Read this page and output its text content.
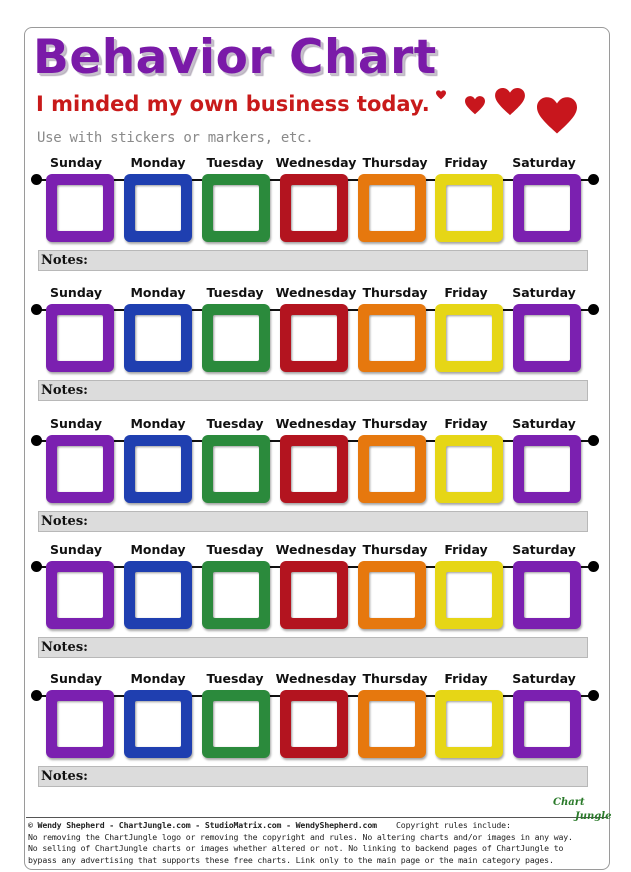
Behavior Chart
I minded my own business today.
Use with stickers or markers, etc.
Sunday	Monday	Tuesday Wednesday Thursday	Friday	Saturday
Notes:
Sunday	Monday	Tuesday Wednesday Thursday	Friday	Saturday
Notes:
Sunday	Monday	Tuesday Wednesday Thursday	Friday	Saturday
Notes:
Sunday	Monday	Tuesday Wednesday Thursday	Friday	Saturday
Notes:
Sunday	Monday	Tuesday Wednesday Thursday	Friday	Saturday
Notes:
Chart
Jungle
© Wendy Shepherd - ChartJungle.com - StudioMatrix.com - WendyShepherd.com Copyright rules include:
No removing the ChartJungle logo or removing the copyright and rules. No altering charts and/or images in any way.
No selling of ChartJungle charts or images whether altered or not. No linking to backend pages of ChartJungle to
bypass any advertising that supports these free charts. Link only to the main page or the main category pages.
